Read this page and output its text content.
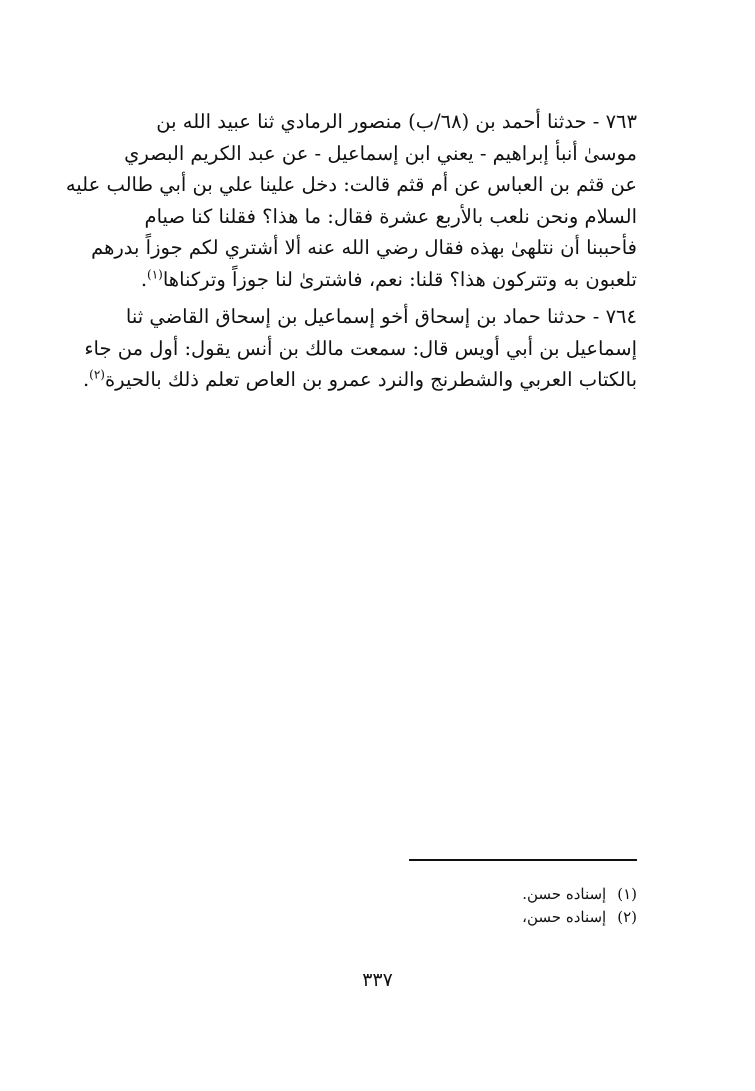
٧٦٣ - حدثنا أحمد بن (٦٨/ب) منصور الرمادي ثنا عبيد الله بن
موسىٰ أنبأ إبراهيم - يعني ابن إسماعيل - عن عبد الكريم البصري
عن قثم بن العباس عن أم قثم قالت: دخل علينا علي بن أبي طالب عليه
السلام ونحن نلعب بالأربع عشرة فقال: ما هذا؟ فقلنا كنا صيام
فأحببنا أن نتلهىٰ بهذه فقال رضي الله عنه ألا أشتري لكم جوزاً بدرهم
تلعبون به وتتركون هذا؟ قلنا: نعم، فاشترىٰ لنا جوزاً وتركناها$^{(١)}$.

٧٦٤ - حدثنا حماد بن إسحاق أخو إسماعيل بن إسحاق القاضي ثنا
إسماعيل بن أبي أويس قال: سمعت مالك بن أنس يقول: أول من جاء
بالكتاب العربي والشطرنج والنرد عمرو بن العاص تعلم ذلك بالحيرة$^{(٢)}$.

(١) إسناده حسن.
(٢) إسناده حسن،
٣٣٧
